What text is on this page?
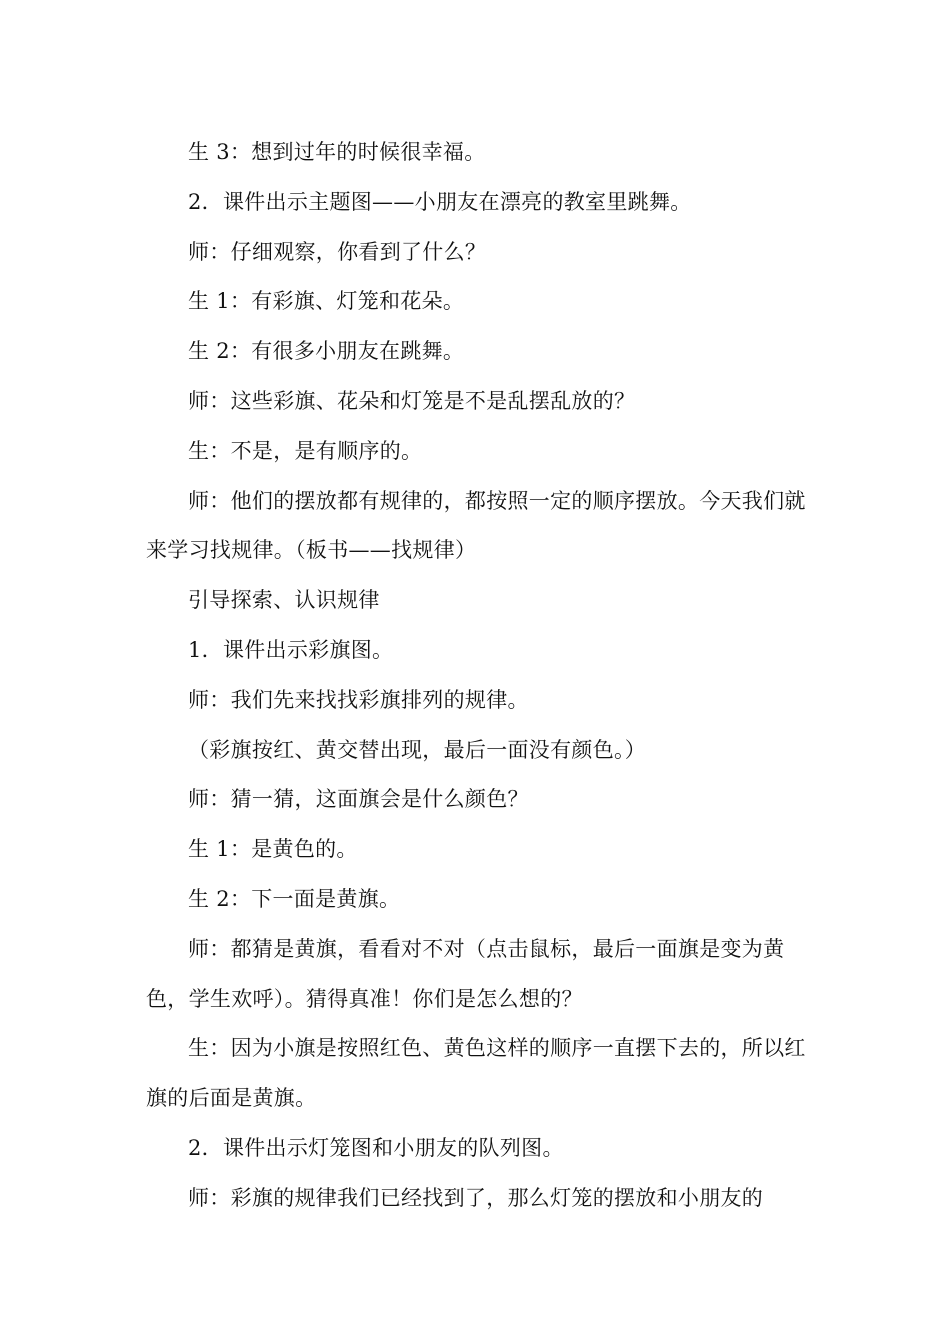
生 3：想到过年的时候很幸福。

2．课件出示主题图——小朋友在漂亮的教室里跳舞。

师：仔细观察，你看到了什么？

生 1：有彩旗、灯笼和花朵。

生 2：有很多小朋友在跳舞。

师：这些彩旗、花朵和灯笼是不是乱摆乱放的？

生：不是，是有顺序的。

师：他们的摆放都有规律的，都按照一定的顺序摆放。今天我们就来学习找规律。（板书——找规律）

引导探索、认识规律

1．课件出示彩旗图。

师：我们先来找找彩旗排列的规律。

（彩旗按红、黄交替出现，最后一面没有颜色。）

师：猜一猜，这面旗会是什么颜色？

生 1：是黄色的。

生 2：下一面是黄旗。

师：都猜是黄旗，看看对不对（点击鼠标，最后一面旗是变为黄色，学生欢呼）。猜得真准！你们是怎么想的？

生：因为小旗是按照红色、黄色这样的顺序一直摆下去的，所以红旗的后面是黄旗。

2．课件出示灯笼图和小朋友的队列图。

师：彩旗的规律我们已经找到了，那么灯笼的摆放和小朋友的
